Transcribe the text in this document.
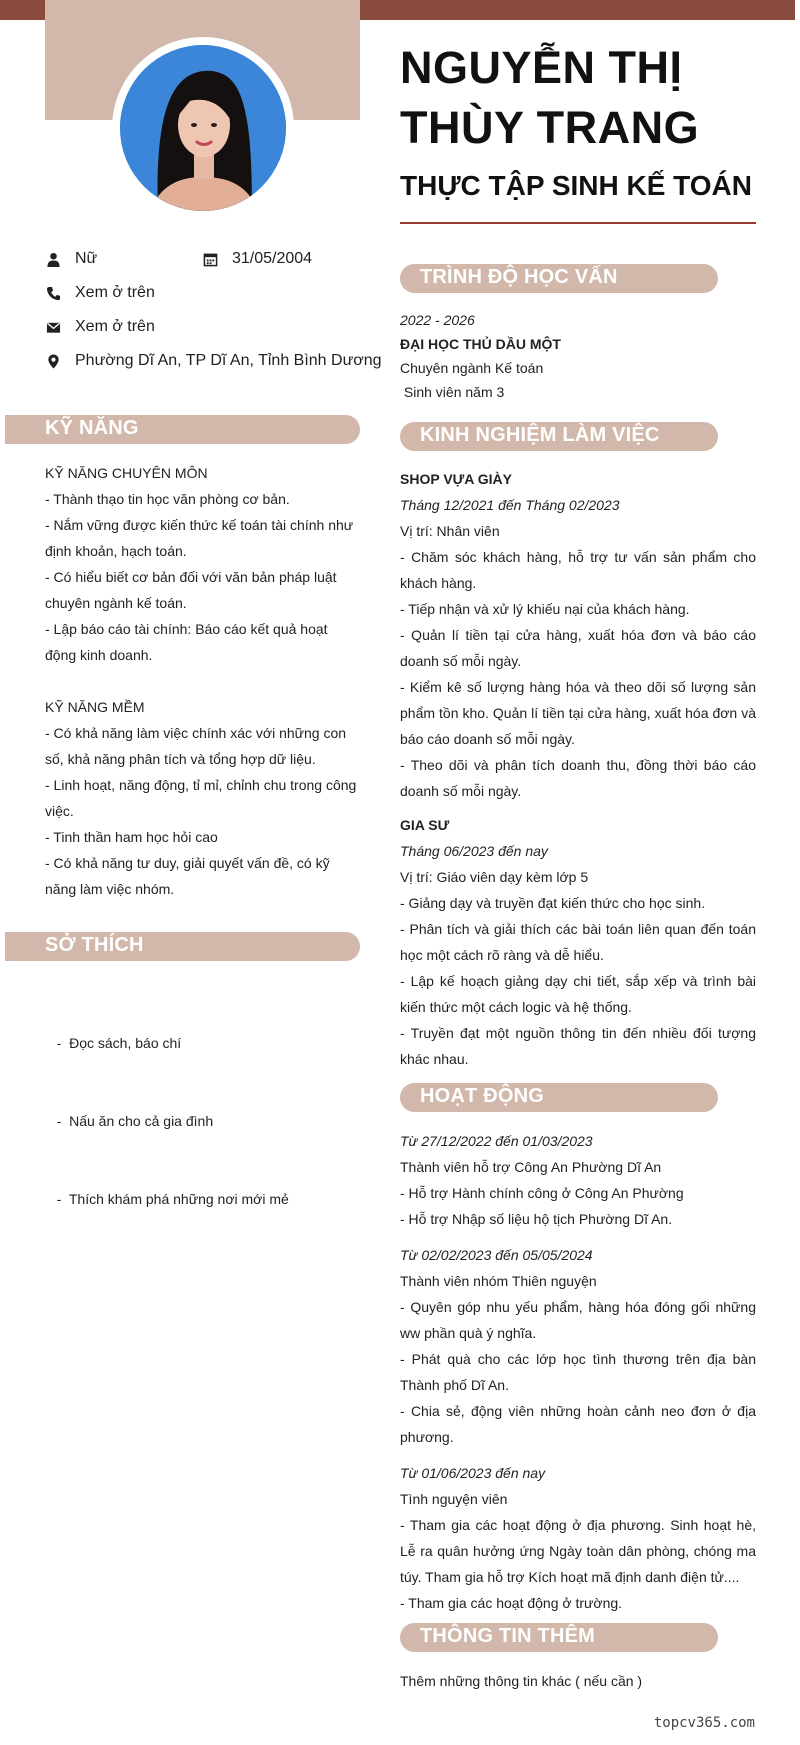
NGUYỄN THỊ
THÙY TRANG
THỰC TẬP SINH KẾ TOÁN
Nữ	31/05/2004
Xem ở trên
Xem ở trên
Phường Dĩ An, TP Dĩ An, Tỉnh Bình Dương
KỸ NĂNG

KỸ NĂNG CHUYÊN MÔN

- Thành thạo tin học văn phòng cơ bản.

- Nắm vững được kiến thức kế toán tài chính như định khoản, hạch toán.

- Có hiểu biết cơ bản đối với văn bản pháp luật chuyên ngành kế toán.

- Lập báo cáo tài chính: Báo cáo kết quả hoạt động kinh doanh.

KỸ NĂNG MỀM

- Có khả năng làm việc chính xác với những con số, khả năng phân tích và tổng hợp dữ liệu.

- Linh hoạt, năng động, tỉ mỉ, chỉnh chu trong công việc.

- Tinh thần ham học hỏi cao

- Có khả năng tư duy, giải quyết vấn đề, có kỹ năng làm việc nhóm.

SỞ THÍCH

-  Đọc sách, báo chí

-  Nấu ăn cho cả gia đình

-  Thích khám phá những nơi mới mẻ

TRÌNH ĐỘ HỌC VẤN

2022 - 2026

ĐẠI HỌC THỦ DẦU MỘT

Chuyên ngành Kế toán

Sinh viên năm 3

KINH NGHIỆM LÀM VIỆC

SHOP VỰA GIÀY

Tháng 12/2021 đến Tháng 02/2023

Vị trí: Nhân viên

- Chăm sóc khách hàng, hỗ trợ tư vấn sản phẩm cho khách hàng.

- Tiếp nhận và xử lý khiếu nại của khách hàng.

- Quản lí tiền tại cửa hàng, xuất hóa đơn và báo cáo doanh số mỗi ngày.

- Kiểm kê số lượng hàng hóa và theo dõi số lượng sản phẩm tồn kho. Quản lí tiền tại cửa hàng, xuất hóa đơn và báo cáo doanh số mỗi ngày.

- Theo dõi và phân tích doanh thu, đồng thời báo cáo doanh số mỗi ngày.

GIA SƯ

Tháng 06/2023 đến nay

Vị trí: Giáo viên dạy kèm lớp 5

- Giảng dạy và truyền đạt kiến thức cho học sinh.

- Phân tích và giải thích các bài toán liên quan đến toán học một cách rõ ràng và dễ hiểu.

- Lập kế hoạch giảng dạy chi tiết, sắp xếp và trình bài kiến thức một cách logic và hệ thống.

- Truyền đạt một nguồn thông tin đến nhiều đối tượng khác nhau.

HOẠT ĐỘNG

Từ 27/12/2022 đến 01/03/2023

Thành viên hỗ trợ Công An Phường Dĩ An

- Hỗ trợ Hành chính công ở Công An Phường

- Hỗ trợ Nhập số liệu hộ tịch Phường Dĩ An.

Từ 02/02/2023 đến 05/05/2024

Thành viên nhóm Thiên nguyện

- Quyên góp nhu yếu phẩm, hàng hóa đóng gối những ww phần quà ý nghĩa.

- Phát quà cho các lớp học tình thương trên địa bàn Thành phố Dĩ An.

- Chia sẻ, động viên những hoàn cảnh neo đơn ở địa phương.

Từ 01/06/2023 đến nay

Tình nguyện viên

- Tham gia các hoạt động ở địa phương. Sinh hoạt hè, Lễ ra quân hưởng ứng Ngày toàn dân phòng, chóng ma túy. Tham gia hỗ trợ Kích hoạt mã định danh điện tử....

- Tham gia các hoạt động ở trường.

THÔNG TIN THÊM

Thêm những thông tin khác ( nếu cần )

topcv365.com
